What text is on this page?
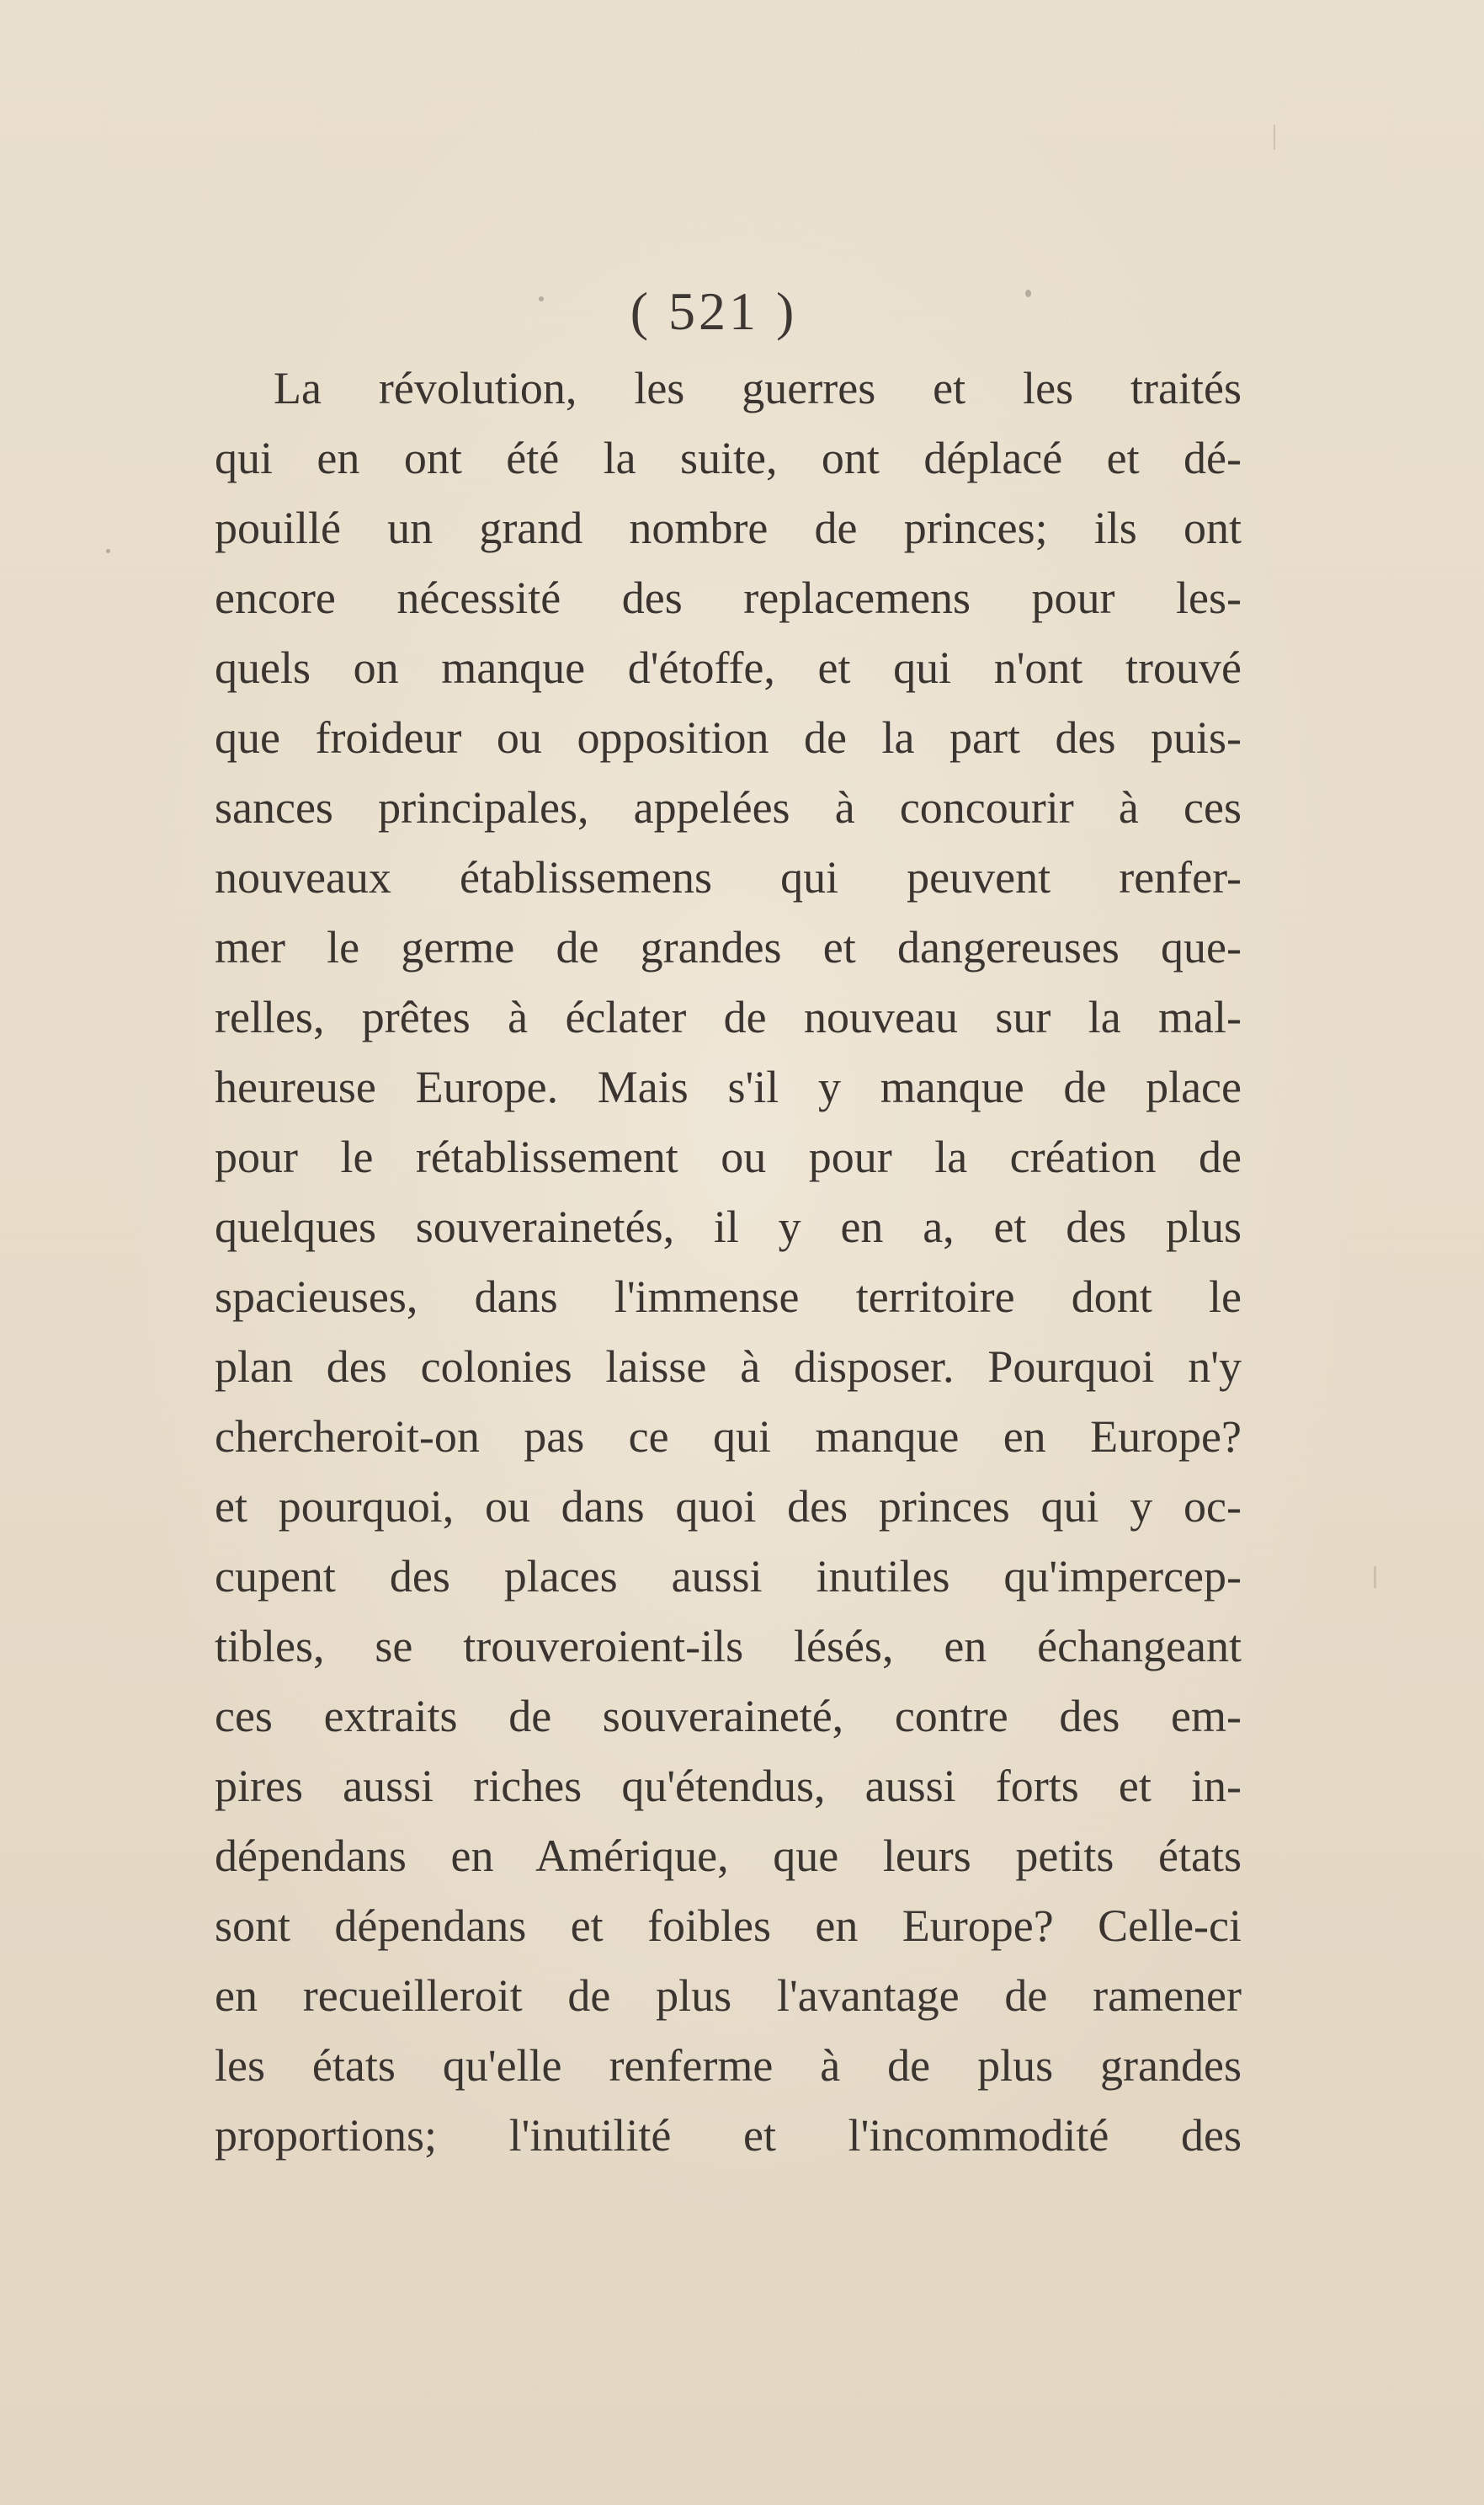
( 521 )
La révolution, les guerres et les traités
qui en ont été la suite, ont déplacé et dé-
pouillé un grand nombre de princes; ils ont
encore nécessité des replacemens pour les-
quels on manque d'étoffe, et qui n'ont trouvé
que froideur ou opposition de la part des puis-
sances principales, appelées à concourir à ces
nouveaux établissemens qui peuvent renfer-
mer le germe de grandes et dangereuses que-
relles, prêtes à éclater de nouveau sur la mal-
heureuse Europe. Mais s'il y manque de place
pour le rétablissement ou pour la création de
quelques souverainetés, il y en a, et des plus
spacieuses, dans l'immense territoire dont le
plan des colonies laisse à disposer. Pourquoi n'y
chercheroit-on pas ce qui manque en Europe?
et pourquoi, ou dans quoi des princes qui y oc-
cupent des places aussi inutiles qu'impercep-
tibles, se trouveroient-ils lésés, en échangeant
ces extraits de souveraineté, contre des em-
pires aussi riches qu'étendus, aussi forts et in-
dépendans en Amérique, que leurs petits états
sont dépendans et foibles en Europe? Celle-ci
en recueilleroit de plus l'avantage de ramener
les états qu'elle renferme à de plus grandes
proportions; l'inutilité et l'incommodité des
